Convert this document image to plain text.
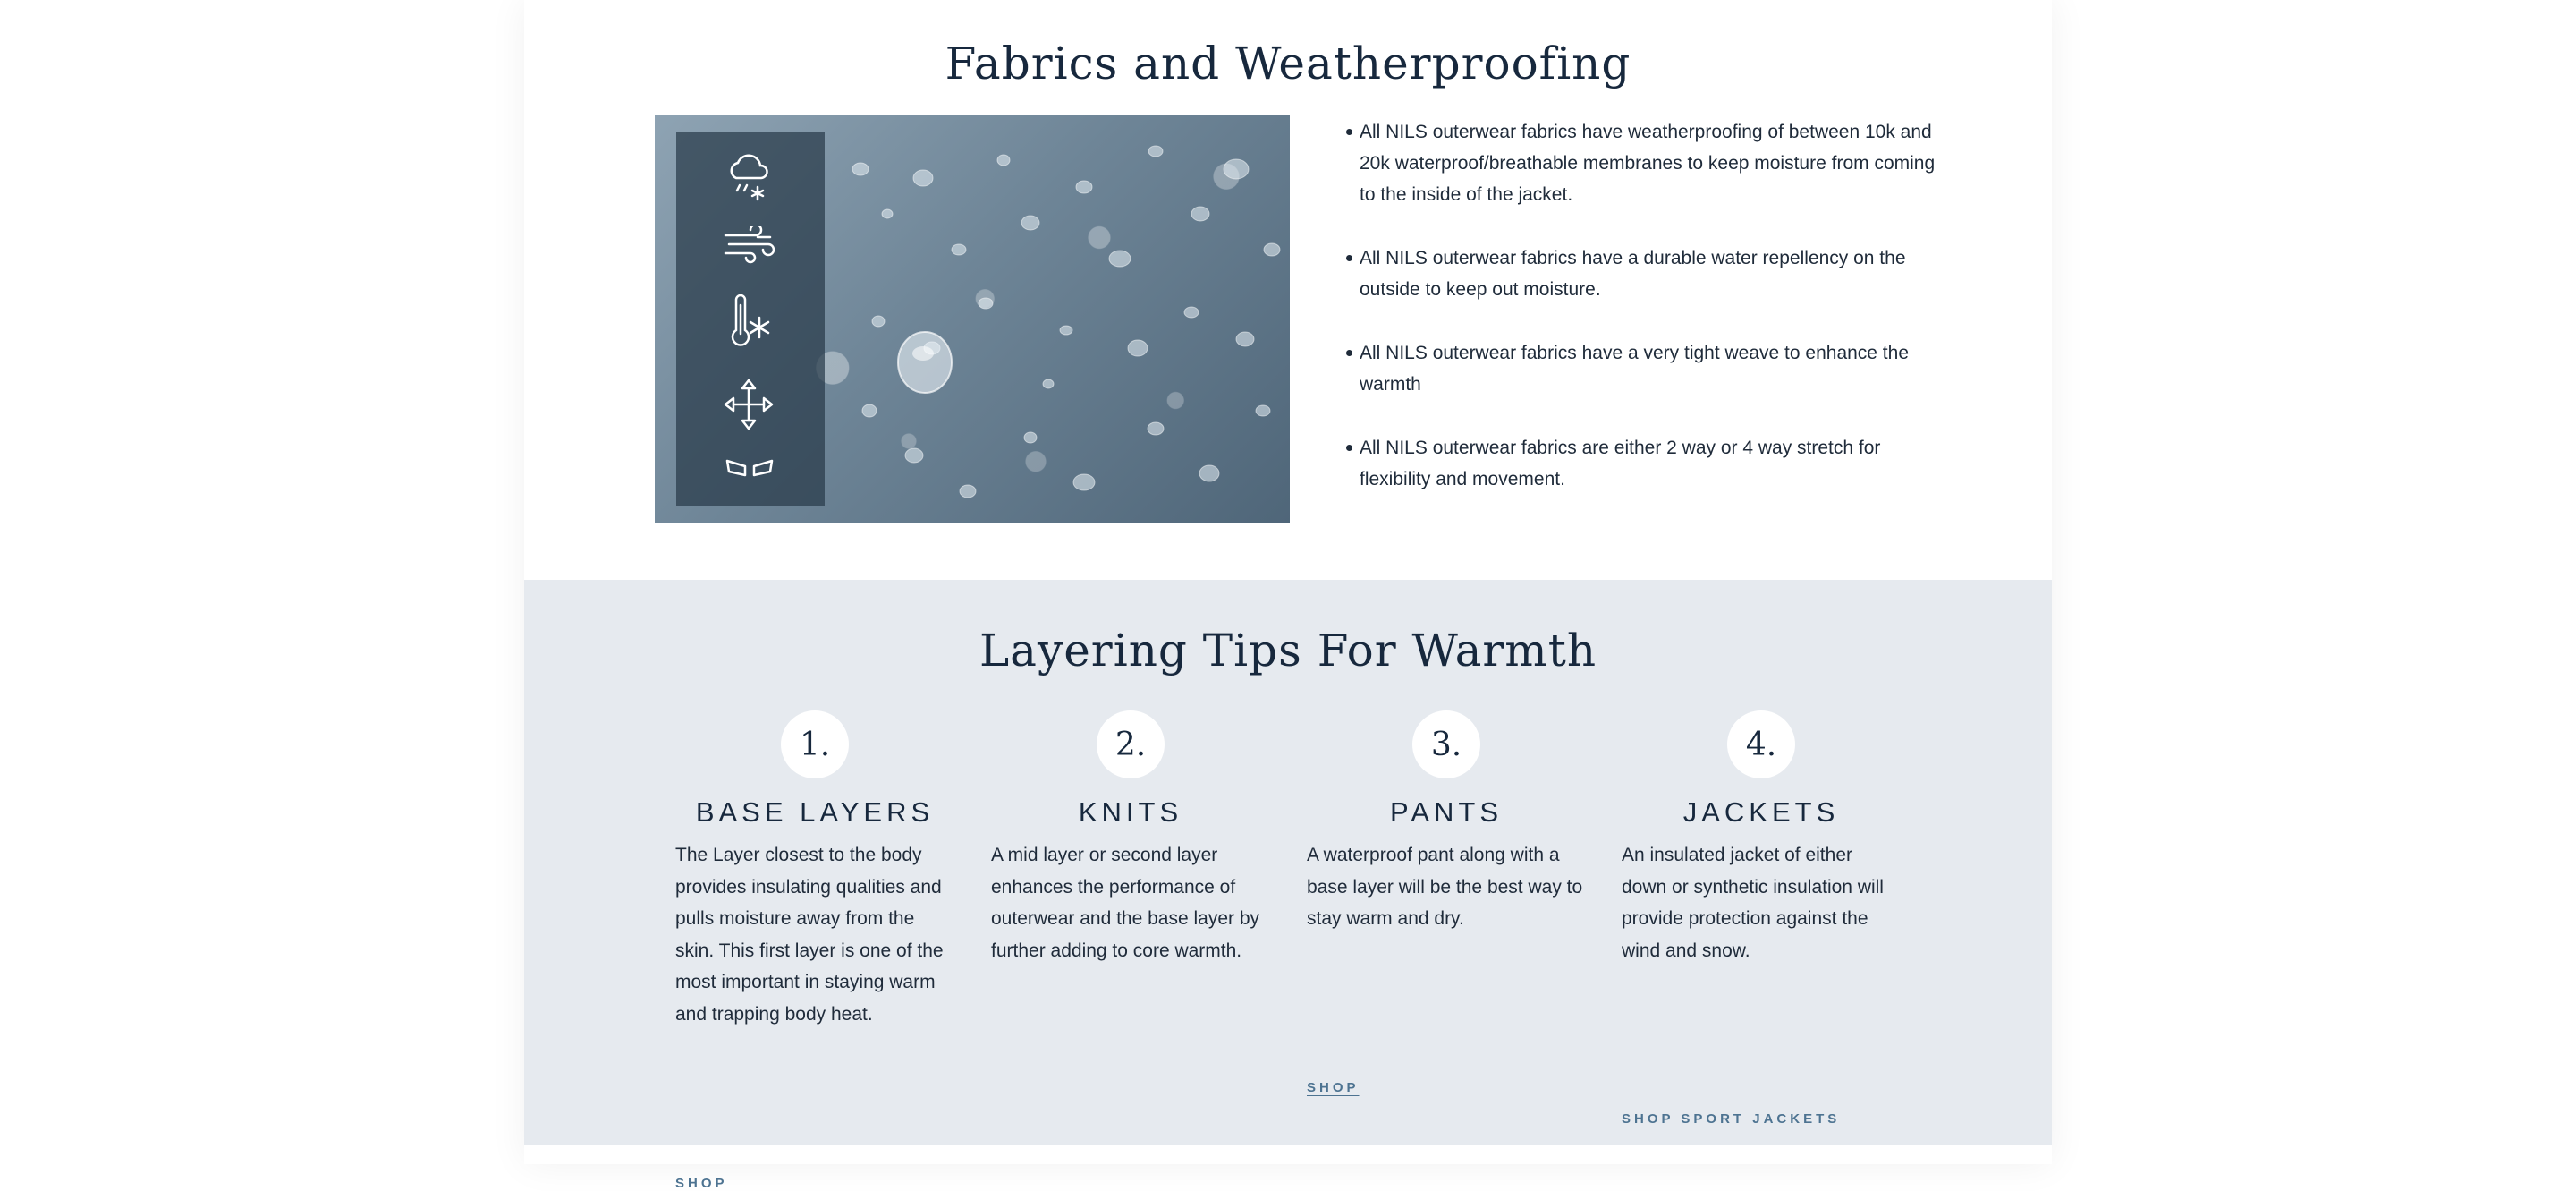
Fabrics and Weatherproofing
All NILS outerwear fabrics have weatherproofing of between 10k and 20k waterproof/breathable membranes to keep moisture from coming to the inside of the jacket.
All NILS outerwear fabrics have a durable water repellency on the outside to keep out moisture.
All NILS outerwear fabrics have a very tight weave to enhance the warmth
All NILS outerwear fabrics are either 2 way or 4 way stretch for flexibility and movement.
Layering Tips For Warmth
1.
BASE LAYERS
The Layer closest to the body provides insulating qualities and pulls moisture away from the skin. This first layer is one of the most important in staying warm and trapping body heat.
SHOP
2.
KNITS
A mid layer or second layer enhances the performance of outerwear and the base layer by further adding to core warmth.
3.
PANTS
A waterproof pant along with a base layer will be the best way to stay warm and dry.
SHOP
4.
JACKETS
An insulated jacket of either down or synthetic insulation will provide protection against the wind and snow.
SHOP SPORT JACKETS
